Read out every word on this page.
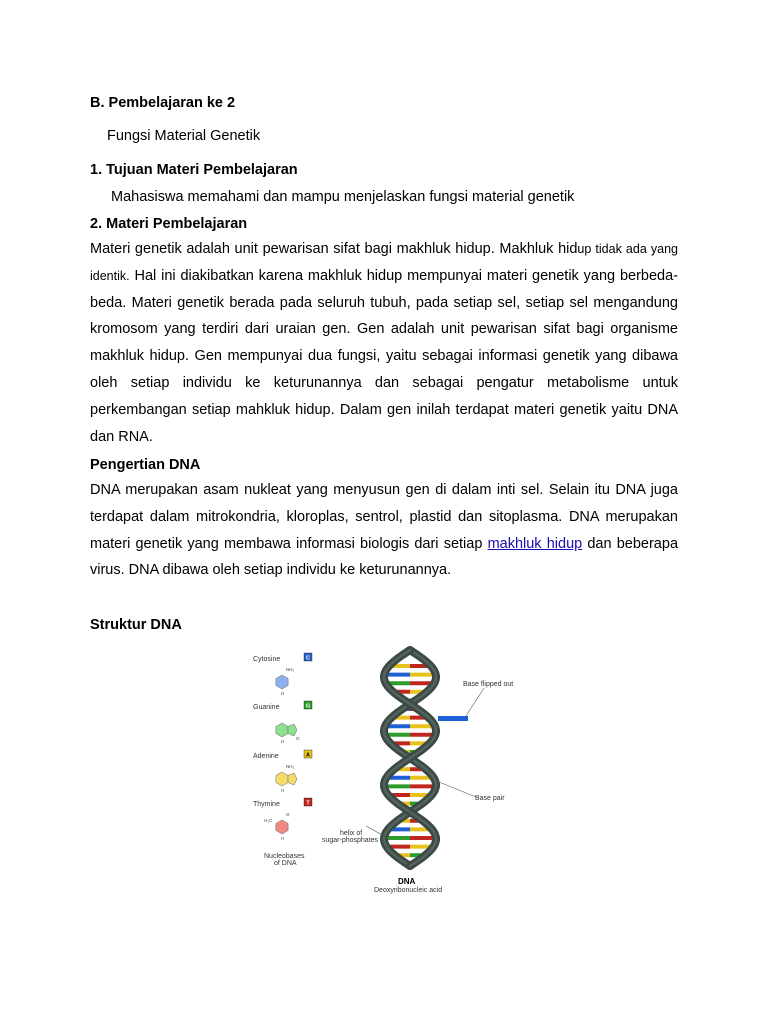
B. Pembelajaran ke 2
Fungsi Material Genetik
1. Tujuan Materi Pembelajaran
Mahasiswa memahami dan mampu menjelaskan fungsi material genetik
2. Materi Pembelajaran
Materi genetik adalah unit pewarisan sifat bagi makhluk hidup. Makhluk hidup tidak ada yang identik. Hal ini diakibatkan karena makhluk hidup mempunyai materi genetik yang berbeda-beda. Materi genetik berada pada seluruh tubuh, pada setiap sel, setiap sel mengandung kromosom yang terdiri dari uraian gen. Gen adalah unit pewarisan sifat bagi organisme makhluk hidup. Gen mempunyai dua fungsi, yaitu sebagai informasi genetik yang dibawa oleh setiap individu ke keturunannya dan sebagai pengatur metabolisme untuk perkembangan setiap mahkluk hidup. Dalam gen inilah terdapat materi genetik yaitu DNA dan RNA.
Pengertian DNA
DNA merupakan asam nukleat yang menyusun gen di dalam inti sel. Selain itu DNA juga terdapat dalam mitrokondria, kloroplas, sentrol, plastid dan sitoplasma. DNA merupakan materi genetik yang membawa informasi biologis dari setiap makhluk hidup dan beberapa virus. DNA dibawa oleh setiap individu ke keturunannya.
Struktur DNA
Cytosine	C
NH₂
H
Guanine	G
O
H
Adenine	A
NH₂
H
Thymine	T
O
H₃C
H
Nucleobases
of DNA
Base flipped out
Base pair
helix of
sugar-phosphates
DNA
Deoxyribonucleic acid
